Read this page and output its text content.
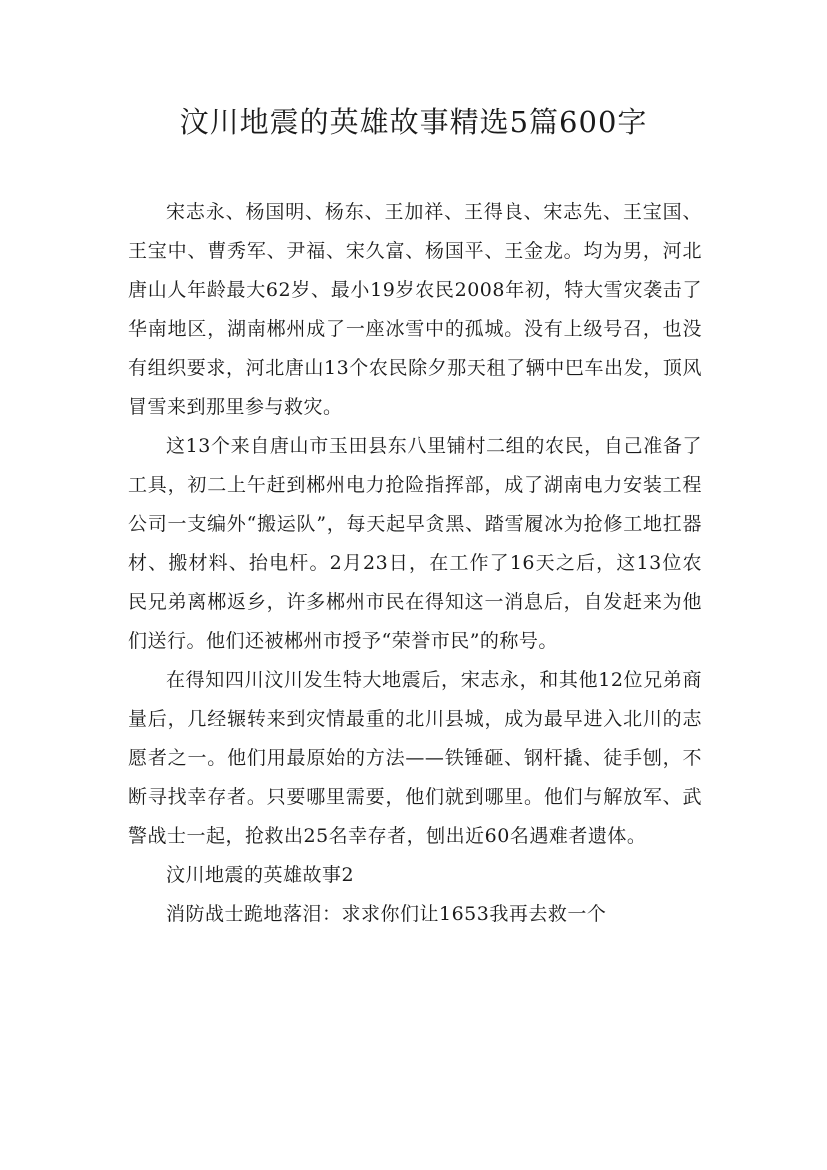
汶川地震的英雄故事精选5篇600字

宋志永、杨国明、杨东、王加祥、王得良、宋志先、王宝国、王宝中、曹秀军、尹福、宋久富、杨国平、王金龙。均为男，河北唐山人年龄最大62岁、最小19岁农民2008年初，特大雪灾袭击了华南地区，湖南郴州成了一座冰雪中的孤城。没有上级号召，也没有组织要求，河北唐山13个农民除夕那天租了辆中巴车出发，顶风冒雪来到那里参与救灾。

这13个来自唐山市玉田县东八里铺村二组的农民，自己准备了工具，初二上午赶到郴州电力抢险指挥部，成了湖南电力安装工程公司一支编外“搬运队”，每天起早贪黑、踏雪履冰为抢修工地扛器材、搬材料、抬电杆。2月23日，在工作了16天之后，这13位农民兄弟离郴返乡，许多郴州市民在得知这一消息后，自发赶来为他们送行。他们还被郴州市授予“荣誉市民”的称号。

在得知四川汶川发生特大地震后，宋志永，和其他12位兄弟商量后，几经辗转来到灾情最重的北川县城，成为最早进入北川的志愿者之一。他们用最原始的方法——铁锤砸、钢杆撬、徒手刨，不断寻找幸存者。只要哪里需要，他们就到哪里。他们与解放军、武警战士一起，抢救出25名幸存者，刨出近60名遇难者遗体。

汶川地震的英雄故事2

消防战士跪地落泪：求求你们让1653我再去救一个
